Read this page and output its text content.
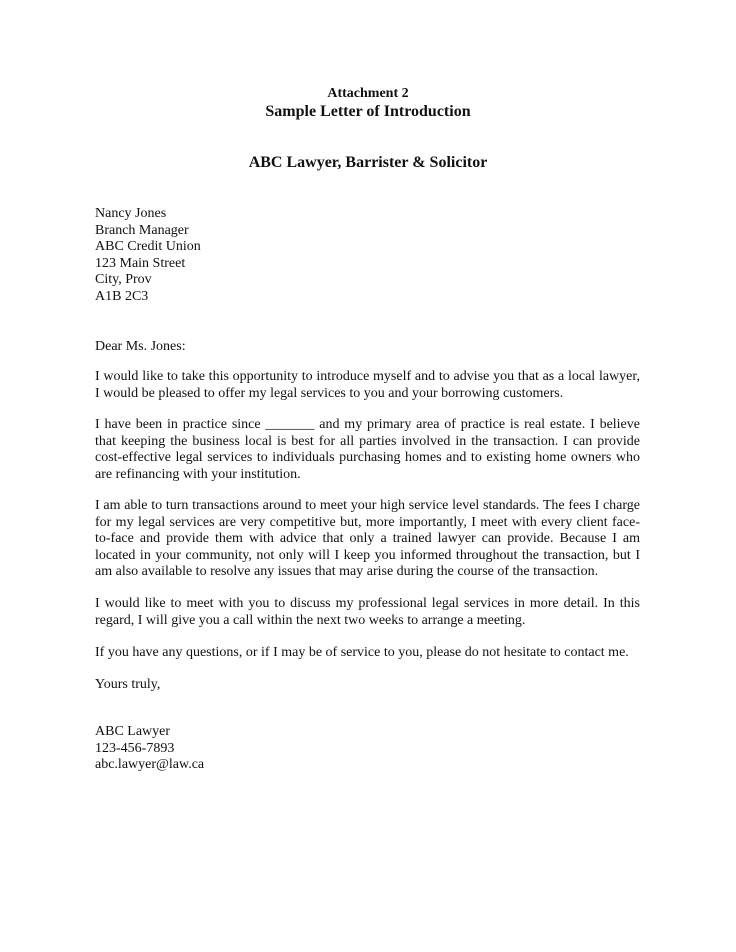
Attachment 2
Sample Letter of Introduction
ABC Lawyer, Barrister & Solicitor
Nancy Jones
Branch Manager
ABC Credit Union
123 Main Street
City, Prov
A1B 2C3
Dear Ms. Jones:
I would like to take this opportunity to introduce myself and to advise you that as a local lawyer, I would be pleased to offer my legal services to you and your borrowing customers.
I have been in practice since _______ and my primary area of practice is real estate. I believe that keeping the business local is best for all parties involved in the transaction. I can provide cost-effective legal services to individuals purchasing homes and to existing home owners who are refinancing with your institution.
I am able to turn transactions around to meet your high service level standards. The fees I charge for my legal services are very competitive but, more importantly, I meet with every client face-to-face and provide them with advice that only a trained lawyer can provide. Because I am located in your community, not only will I keep you informed throughout the transaction, but I am also available to resolve any issues that may arise during the course of the transaction.
I would like to meet with you to discuss my professional legal services in more detail. In this regard, I will give you a call within the next two weeks to arrange a meeting.
If you have any questions, or if I may be of service to you, please do not hesitate to contact me.
Yours truly,
ABC Lawyer
123-456-7893
abc.lawyer@law.ca
